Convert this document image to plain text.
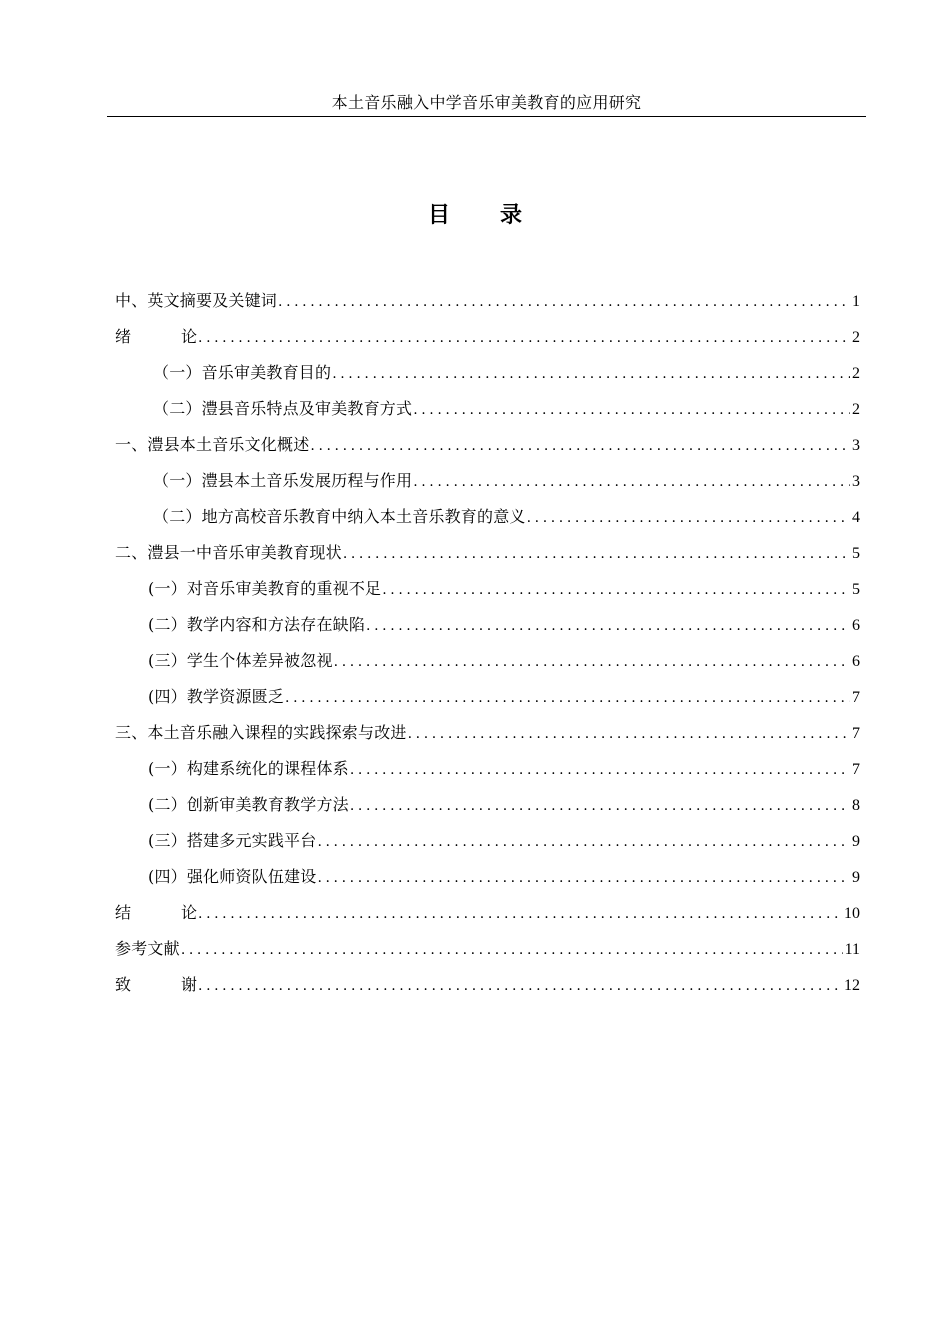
本土音乐融入中学音乐审美教育的应用研究
目 录
中、英文摘要及关键词 .....	1
绪	论 .....	2
（一）音乐审美教育目的 .....	2
（二）澧县音乐特点及审美教育方式 .....	2
一、澧县本土音乐文化概述 .....	3
（一）澧县本土音乐发展历程与作用 .....	3
（二）地方高校音乐教育中纳入本土音乐教育的意义 .....	4
二、澧县一中音乐审美教育现状 .....	5
(一）对音乐审美教育的重视不足 .....	5
(二）教学内容和方法存在缺陷 .....	6
(三）学生个体差异被忽视 .....	6
(四）教学资源匮乏 .....	7
三、本土音乐融入课程的实践探索与改进 .....	7
(一）构建系统化的课程体系 .....	7
(二）创新审美教育教学方法 .....	8
(三）搭建多元实践平台 .....	9
(四）强化师资队伍建设 .....	9
结	论 .....	10
参考文献 .....	11
致	谢 .....	12
